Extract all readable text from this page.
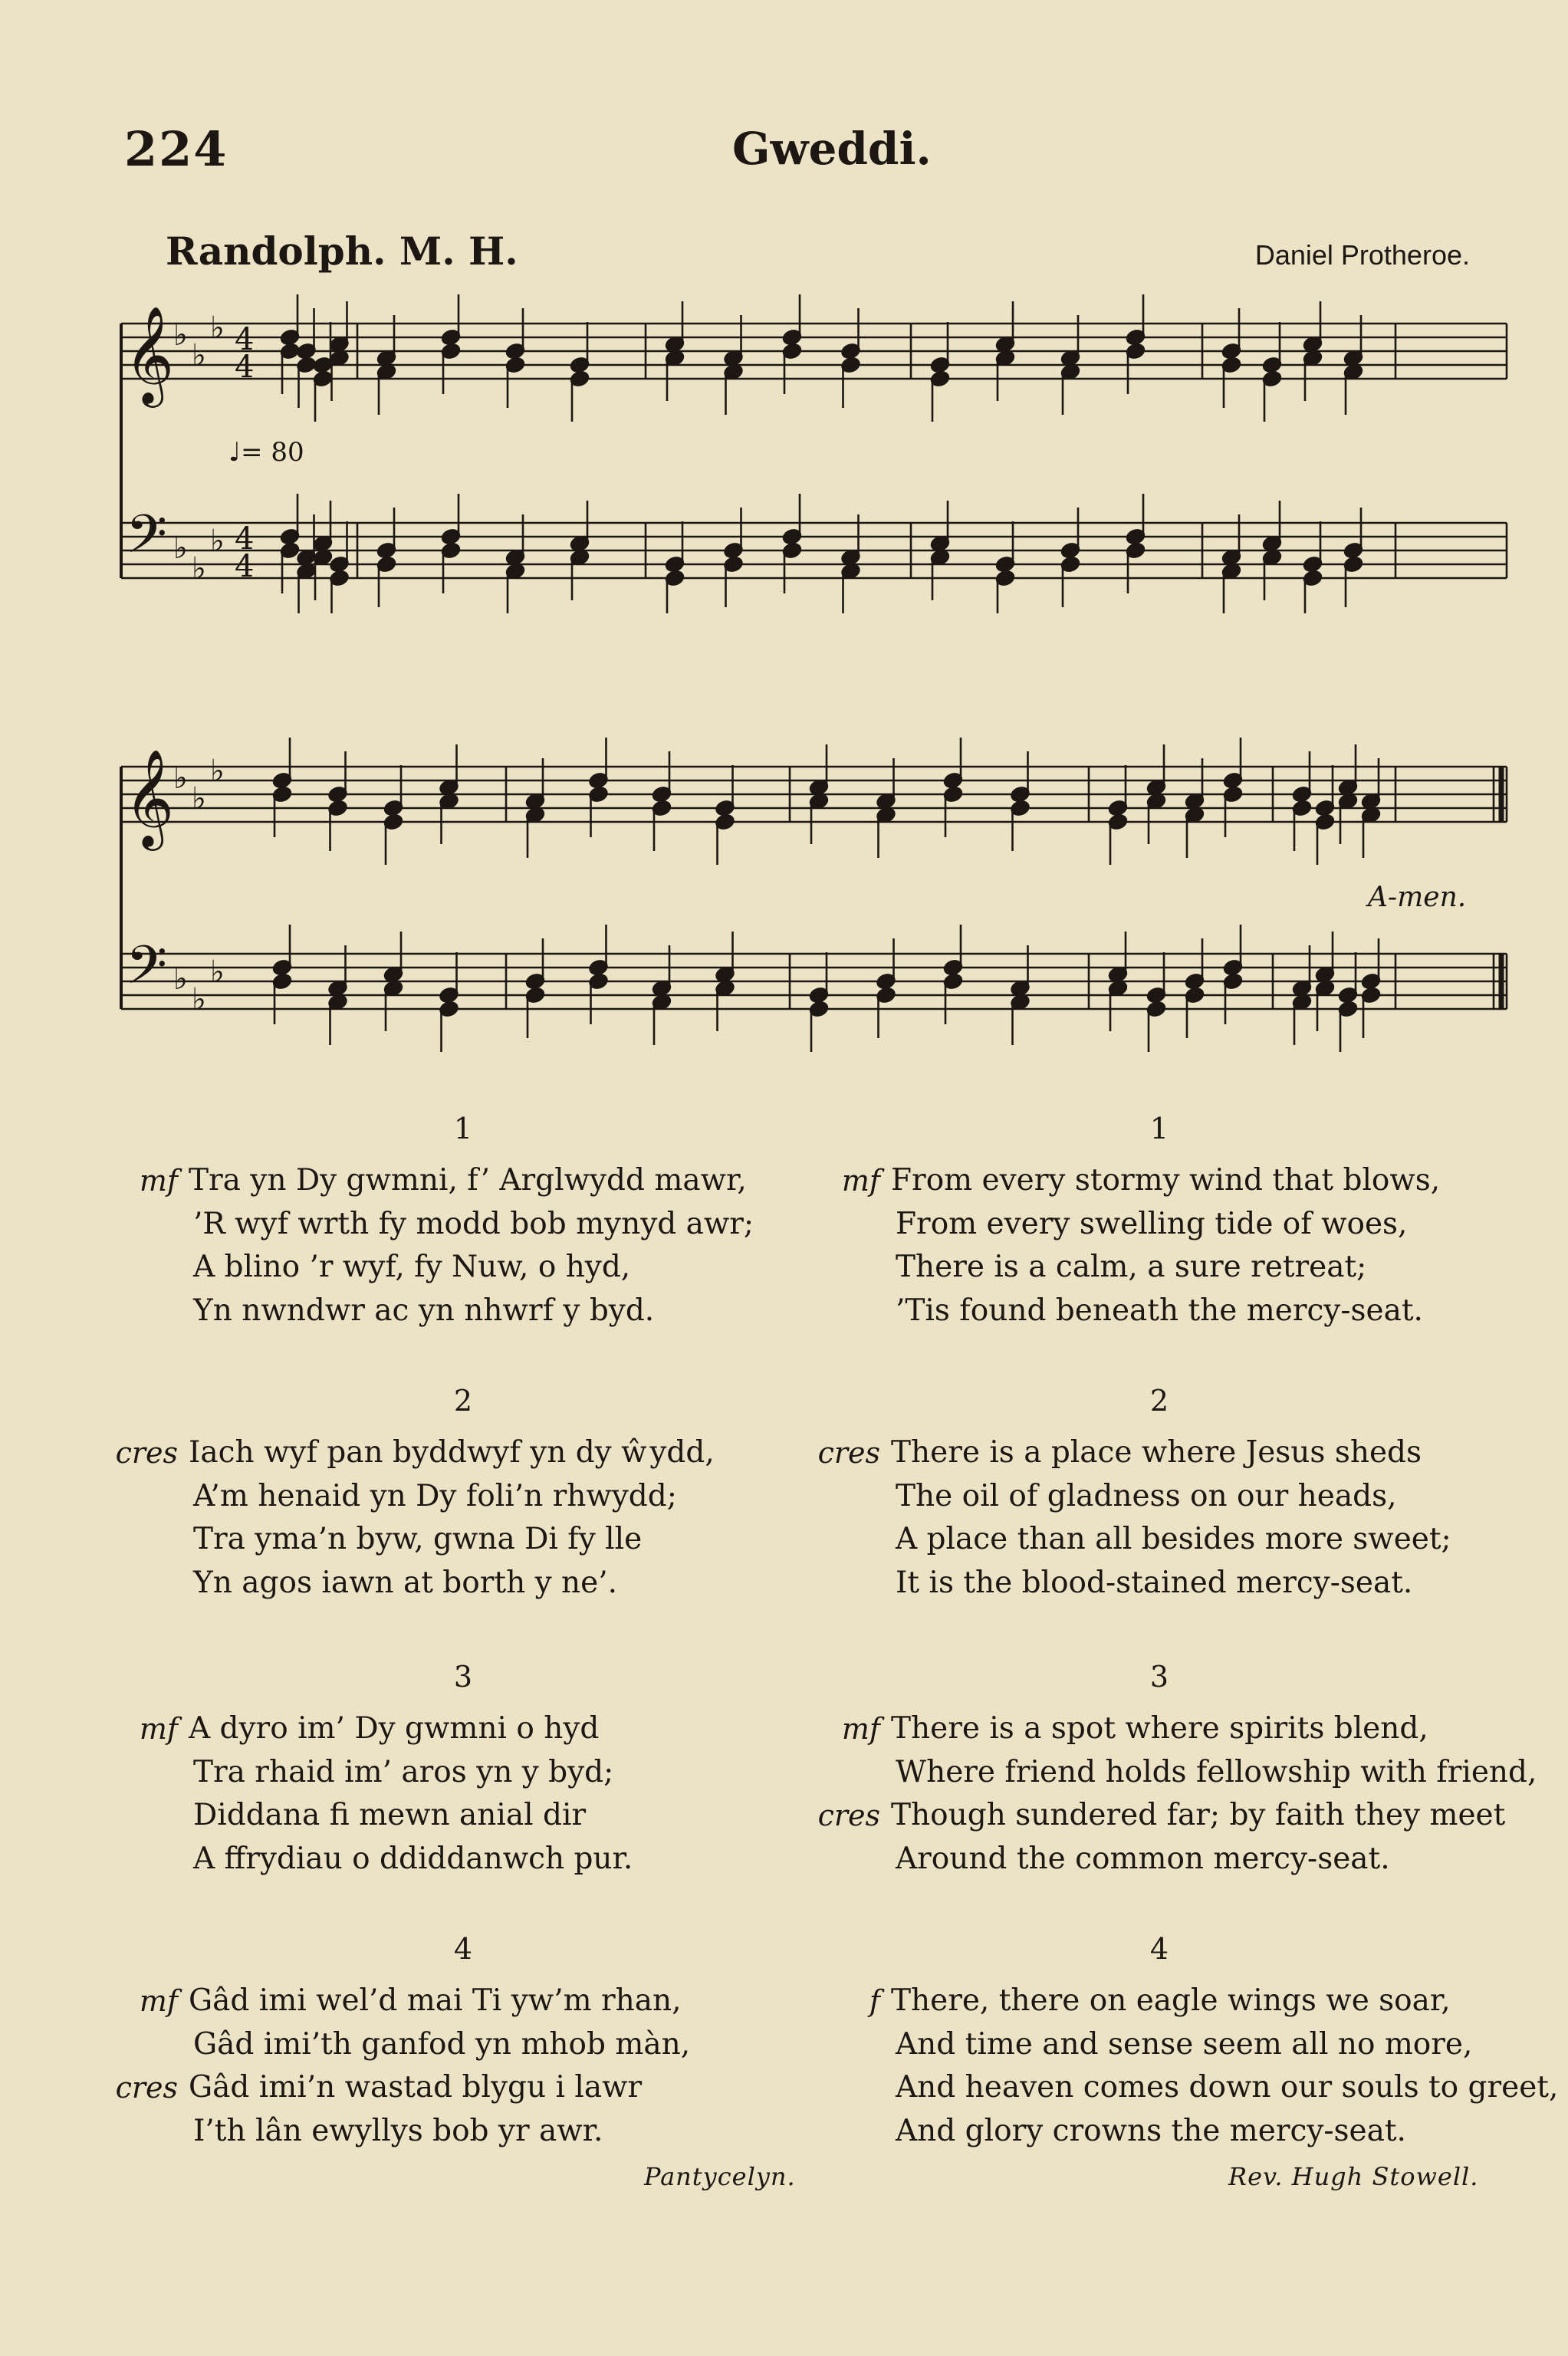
224	Gweddi.
Randolph. M. H.	Daniel Protheroe.
♩= 80
𝄞
𝄢
♭
♭
♭
♭
♭
♭
4
4
4
4
𝄞
𝄢
♭
♭
♭
♭
♭
♭
A-men.
1
mf Tra yn Dy gwmni, f’ Arglwydd mawr,
’R wyf wrth fy modd bob mynyd awr;
A blino ’r wyf, fy Nuw, o hyd,
Yn nwndwr ac yn nhwrf y byd.
2
cres Iach wyf pan byddwyf yn dy ŵydd,
A’m henaid yn Dy foli’n rhwydd;
Tra yma’n byw, gwna Di fy lle
Yn agos iawn at borth y ne’.
3
mf A dyro im’ Dy gwmni o hyd
Tra rhaid im’ aros yn y byd;
Diddana fi mewn anial dir
A ffrydiau o ddiddanwch pur.
4
mf Gâd imi wel’d mai Ti yw’m rhan,
Gâd imi’th ganfod yn mhob màn,
cres Gâd imi’n wastad blygu i lawr
I’th lân ewyllys bob yr awr.
Pantycelyn.
1
mf From every stormy wind that blows,
From every swelling tide of woes,
There is a calm, a sure retreat;
’Tis found beneath the mercy-seat.
2
cres There is a place where Jesus sheds
The oil of gladness on our heads,
A place than all besides more sweet;
It is the blood-stained mercy-seat.
3
mf There is a spot where spirits blend,
Where friend holds fellowship with friend,
cres Though sundered far; by faith they meet
Around the common mercy-seat.
4
f There, there on eagle wings we soar,
And time and sense seem all no more,
And heaven comes down our souls to greet,
And glory crowns the mercy-seat.
Rev. Hugh Stowell.
